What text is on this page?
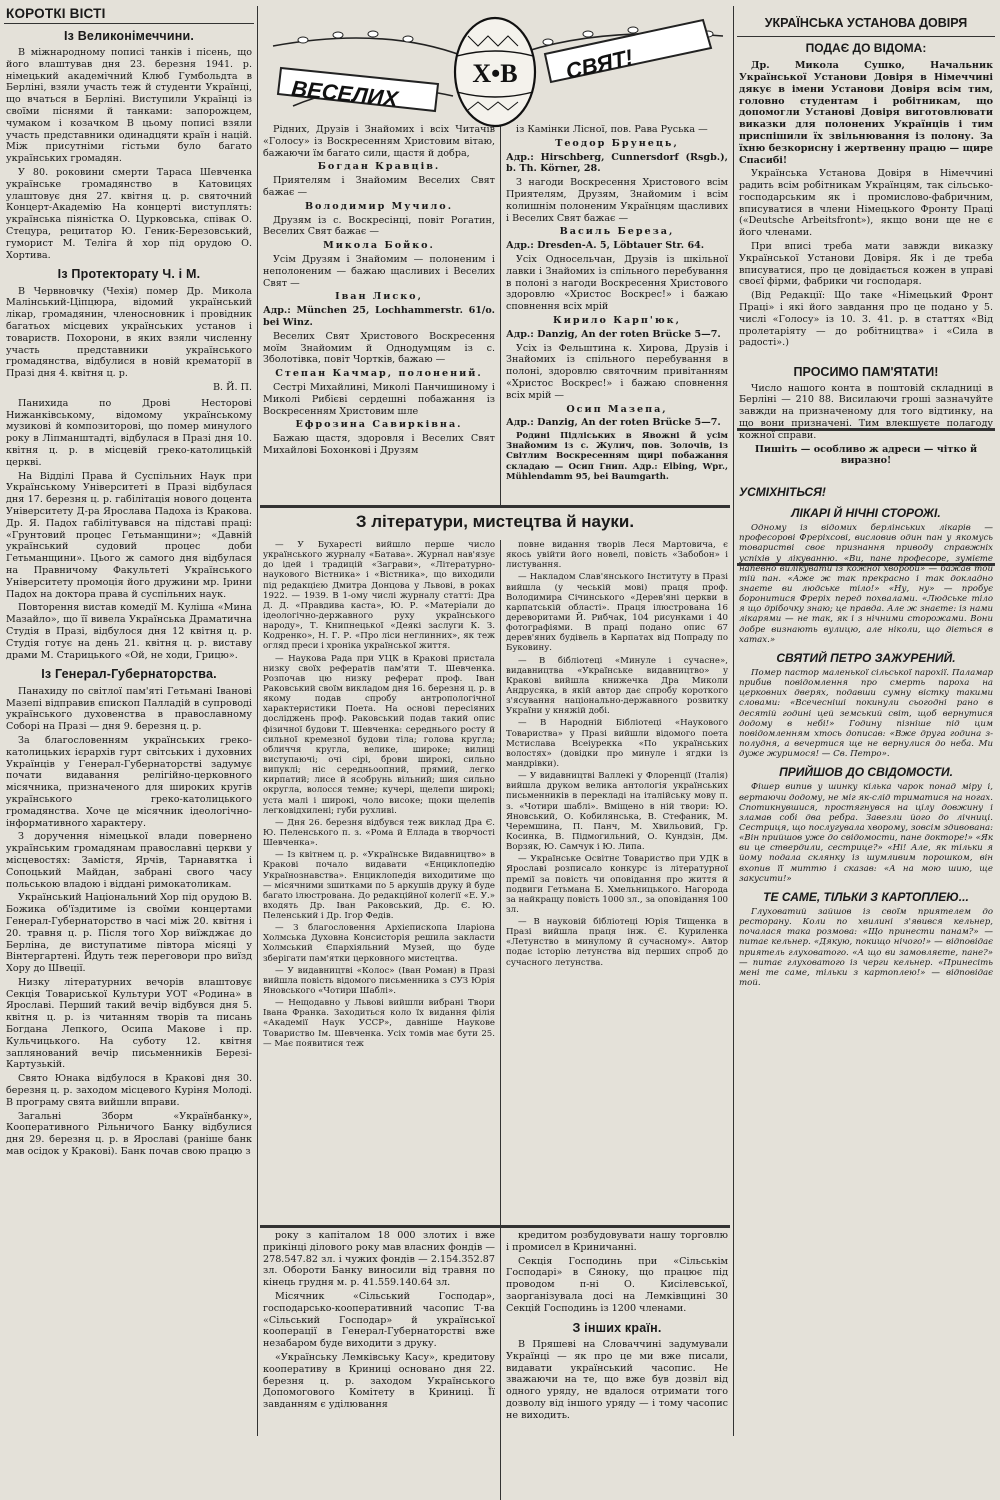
КОРОТКІ ВІСТІ
Із Великонімеччини.

В міжнародному пописі танків і пісень, що його влаштував дня 23. березня 1941. р. німецький академічний Клюб Гумбольдта в Берліні, взяли участь теж й студенти Українці, що вчаться в Берліні. Виступили Українці із своїми піснями й танками: запорожцем, чумаком і козачком В цьому пописі взяли участь представники одинадцяти країн і націй. Між присутніми гістьми було багато українських громадян.

У 80. роковини смерти Тараса Шевченка українське громадянство в Катовицях улаштовує дня 27. квітня ц. р. святочний Концерт-Академію На концерті виступлять: українська піяністка О. Цурковська, співак О. Стецура, рецитатор Ю. Геник-Березовський, гуморист М. Теліга й хор під орудою О. Хортива.

Із Протекторату Ч. і М.

В Червновчку (Чехія) помер Др. Микола Малінський-Ціпцюра, відомий український лікар, громадянин, членосновник і провідник багатьох місцевих українських установ і товариств. Похорони, в яких взяли численну участь представники українського громадянства, відбулися в новій крематорії в Празі дня 4. квітня ц. р.

В. Й. П.

Панихида по Дрові Несторові Нижанківському, відомому українському музикові й композиторові, що помер минулого року в Ліпманштадті, відбулася в Празі дня 10. квітня ц. р. в місцевій греко-католицькій церкві.

На Відділі Права й Суспільних Наук при Українському Університеті в Празі відбулася дня 17. березня ц. р. габілітація нового доцента Університету Д-ра Ярослава Падоха із Кракова. Др. Я. Падох габілітувався на підставі праці: «Грунтовий процес Гетьманщини»; «Давній український судовий процес доби Гетьманщини». Цього ж самого дня відбулася на Правничому Факультеті Українського Університету промоція його дружини мр. Ірини Падох на доктора права й суспільних наук.

Повторення вистав комедії М. Куліша «Мина Мазайло», що її вивела Українська Драматична Студія в Празі, відбулося дня 12 квітня ц. р. Студія готує на день 21. квітня ц. р. виставу драми М. Старицького «Ой, не ходи, Грицю».

Із Генерал-Губернаторства.

Панахиду по світлої пам'яті Гетьмані Іванові Мазепі відправив єпископ Палладій в супроводі українського духовенства в православному Соборі на Празі — дня 9. березня ц. р.

За благословенням українських греко-католицьких ієрархів гурт світських і духовних Українців у Генерал-Губернаторстві задумує почати видавання релігійно-церковного місячника, призначеного для широких кругів українського греко-католицького громадянства. Хоче це місячник ідеологічно-інформативного характеру.

З доручення німецької влади повернено українським громадянам православні церкви у місцевостях: Замістя, Ярчів, Тарнавятка і Сопоцький Майдан, забрані свого часу польською владою і віддані римокатоликам.

Український Національний Хор під орудою В. Божика об'їздитиме із своїми концертами Генерал-Губернаторство в часі між 20. квітня і 20. травня ц. р. Після того Хор виїжджає до Берліна, де виступатиме півтора місяці у Вінтергартені. Йдуть теж переговори про виїзд Хору до Швеції.

Низку літературних вечорів влаштовує Секція Товариської Культури УОТ «Родина» в Ярославі. Перший такий вечір відбувся дня 5. квітня ц. р. із читанням творів та писань Богдана Лепкого, Осипа Макове і пр. Кульчицького. На суботу 12. квітня заплянований вечір письменників Березі-Картузькій.

Свято Юнака відбулося в Кракові дня 30. березня ц. р. заходом місцевого Куріня Молоді. В програму свята вийшли вправи.

Загальні Зборм «Українбанку», Кооперативного Рільничого Банку відбулися дня 29. березня ц. р. в Ярославі (раніше банк мав осідок у Кракові). Банк почав свою працю з

ВЕСЕЛИХ
СВЯТ!
Х•В

Рідних, Друзів і Знайомих і всіх Читачів «Голосу» із Воскресенням Христовим вітаю, бажаючи їм багато сили, щастя й добра,

Богдан Кравців.

Приятелям і Знайомим Веселих Свят бажає —

Володимир Мучило.

Друзям із с. Воскресінці, повіт Рогатин, Веселих Свят бажає —

Микола Бойко.

Усім Друзям і Знайомим — полоненим і неполоненим — бажаю щасливих і Веселих Свят —

Іван Лиско,

Адр.: München 25, Lochhammerstr. 61/o. bei Winz.

Веселих Свят Христового Воскресення моїм Знайомим й Однодумцям із с. Зболотівка, повіт Чортків, бажаю —

Степан Качмар, полонений.

Сестрі Михайлині, Миколі Панчишиному і Миколі Рибієві сердешні побажання із Воскресенням Христовим шле

Ефрозина Савирківна.

Бажаю щастя, здоровля і Веселих Свят Михайлові Бохонкові і Друзям

із Камінки Лісної, пов. Рава Руська —

Теодор Брунець,

Адр.: Hirschberg, Cunnersdorf (Rsgb.), b. Th. Körner, 28.

З нагоди Воскресення Христового всім Приятелям, Друзям, Знайомим і всім колишнім полоненим Українцям щасливих і Веселих Свят бажає —

Василь Береза,

Адр.: Dresden-A. 5, Löbtauer Str. 64.

Усіх Односельчан, Друзів із шкільної лавки і Знайомих із спільного перебування в полоні з нагоди Воскресення Христового здоровлю «Христос Воскрес!» і бажаю сповнення всіх мрій

Кирило Карп'юк,

Адр.: Danzig, An der roten Brücke 5—7.

Усіх із Фельштина к. Хирова, Друзів і Знайомих із спільного перебування в полоні, здоровлю святочним привітанням «Христос Воскрес!» і бажаю сповнення всіх мрій —

Осип Мазепа,

Адр.: Danzig, An der roten Brücke 5—7.

Родині Підліських в Явожні й усім Знайомим із с. Жулич, пов. Золочів, із Світлим Воскресенням щирі побажання складаю — Осип Гнип. Адр.: Elbing, Wpr., Mühlendamm 95, bei Baumgarth.

З літератури, мистецтва й науки.

— У Бухаресті вийшло перше число українського журналу «Батава». Журнал нав'язує до ідей і традицій «Заграви», «Літературно-наукового Вістника» і «Вістника», що виходили під редакцією Дмитра Донцова у Львові, в роках 1922. — 1939. В 1-ому числі журналу статті: Дра Д. Д. «Правдива каста», Ю. Р. «Матеріали до ідеологічно-державного руху українського народу», Т. Книпнецької «Деякі заслуги К. З. Кодренко», Н. Г. Р. «Про ліси неглинних», як теж огляд преси і хроніка української життя.

— Наукова Рада при УЦК в Кракові пристала низку своїх рефератів пам'яти Т. Шевченка. Розпочав цю низку реферат проф. Іван Раковський своїм викладом дня 16. березня ц. р. в якому подав спробу антропологічної характеристики Поета. На основі пересіяних досліджень проф. Раковський подав такий опис фізичної будови Т. Шевченка: середнього росту й сильної кремезної будови тіла; голова кругла; обличчя кругла, велике, широке; вилиці виступаючі; очі сірі, брови широкі, сильно випуклі; ніс середньоопний, прямий, легко кирпатий; лисе й ясобрунь вільний; шия сильно округла, волосся темне; кучері, щелепи широкі; уста малі і широкі, чоло високе; щоки щелепів легковідхилені; губи рухливі.

— Дня 26. березня відбувся теж виклад Дра Є. Ю. Пеленського п. з. «Рома й Еллада в творчості Шевченка».

— Із квітнем ц. р. «Українське Видавництво» в Кракові почало видавати «Енциклопедію Українознавства». Енциклопедія виходитиме що — місячними зшитками по 5 аркушів друку й буде багато ілюстрована. До редакційної колегії «Е. У.» входять Др. Іван Раковський, Др. Є. Ю. Пеленський і Др. Ігор Федів.

— З благословення Архієпископа Іларіона Холмська Духовна Консисторія решила закласти Холмський Єпархіяльний Музей, що буде зберігати пам'ятки церковного мистецтва.

— У видавництві «Колос» (Іван Роман) в Празі вийшла повість відомого письменника з СУЗ Юрія Яновського «Чотири Шаблі».

— Нещодавно у Львові вийшли вибрані Твори Івана Франка. Заходиться коло їх видання філія «Академії Наук УССР», давніше Наукове Товариство Ім. Шевченка. Усіх томів має бути 25. — Має появитися теж

повне видання творів Леся Мартовича, є якось увійти його новелі, повість «Забобон» і листування.

— Накладом Слав'янського Інституту в Празі вийшла (у чеській мові) праця проф. Володимира Січинського «Дерев'яні церкви в карпатській області». Праця ілюстрована 16 дереворитами Й. Рибчак, 104 рисунками і 40 фотографіями. В праці подано опис 67 дерев'яних будівель в Карпатах від Попраду по Буковину.

— В бібліотеці «Минуле і сучасне», видавництва «Українське видавництво» у Кракові вийшла книжечка Дра Миколи Андрусяка, в якій автор дає спробу короткого з'ясування національно-державного розвитку України у княжій добі.

— В Народній Бібліотеці «Наукового Товариства» у Празі вийшли відомого поета Мстислава Всеіурекка «По українських волостях» (довідки про минуле і ягдки із мандрівки).

— У видавництві Валлекі у Флоренції (Італія) вийшла друком велика антологія українських письменників в перекладі на італійську мову п. з. «Чотири шаблі». Вміщено в ній твори: Ю. Яновський, О. Кобилянська, В. Стефаник, М. Черемшина, П. Панч, М. Хвильовий, Гр. Косинка, В. Підмогильний, О. Кундзін, Дм. Ворзяк, Ю. Самчук і Ю. Липа.

— Українське Освітнє Товариство при УДК в Ярославі розписало конкурс із літературної премії за повість чи оповідання про життя й подвиги Гетьмана Б. Хмельницького. Нагорода за найкращу повість 1000 зл., за оповідання 100 зл.

— В науковій бібліотеці Юрія Тищенка в Празі вийшла праця інж. Є. Куриленка «Летунство в минулому й сучасному». Автор подає історію летунства від перших спроб до сучасного летунства.

року з капіталом 18 000 злотих і вже прикінці ділового року мав власних фондів — 278.547.82 зл. і чужих фондів — 2.154.352.87 зл. Обороти Банку виносили від травня по кінець грудня м. р. 41.559.140.64 зл.

Місячник «Сільський Господар», господарсько-кооперативний часопис Т-ва «Сільський Господар» й української кооперації в Генерал-Губернаторстві вже незабаром буде виходити з друку.

«Українську Лемківську Касу», кредитову кооперативу в Криниці основано дня 22. березня ц. р. заходом Українського Допомогового Комітету в Криниці. Її завданням є уділювання

кредитом розбудовувати нашу торговлю і промисел в Криничанні.

Секція Господинь при «Сільськім Господарі» в Сяноку, що працює під проводом п-ні О. Кисілевської, заорганізувала досі на Лемківщині 30 Секцій Господинь із 1200 членами.

З інших країн.

В Пряшеві на Словаччині задумували Українці — як про це ми вже писали, видавати український часопис. Не зважаючи на те, що вже був дозвіл від одного уряду, не вдалося отримати того дозволу від іншого уряду — і тому часопис не виходить.

УКРАЇНСЬКА УСТАНОВА ДОВІРЯ
ПОДАЄ ДО ВІДОМА:

Др. Микола Сушко, Начальник Української Установи Довіря в Німеччині дякує в імени Установи Довіря всім тим, головно студентам і робітникам, що допомогли Установі Довіря виготовлювати виказки для полонених Українців і тим приспішили їх звільнювання із полону. За їхню безкорисну і жертвенну працю — щире Спасибі!

Українська Установа Довіря в Німеччині радить всім робітникам Українцям, так сільсько-господарським як і промислово-фабричним, вписуватися в члени Німецького Фронту Праці («Deutsche Arbeitsfront»), якщо вони ще не є його членами.

При вписі треба мати завжди виказку Української Установи Довіря. Як і де треба вписуватися, про це довідається кожен в управі своєї фірми, фабрики чи господаря.

(Від Редакції: Що таке «Німецький Фронт Праці» і які його завдання про це подано у 5. числі «Голосу» із 10. 3. 41. р. в статтях «Від пролетаріяту — до робітництва» і «Сила в радості».)

ПРОСИМО ПАМ'ЯТАТИ!

Число нашого конта в поштовій складниці в Берліні — 210 88. Висилаючи гроші зазначуйте завжди на призначеному для того відтинку, на що вони призначені. Тим влекшуєте полагоду кожної справи.

Пишіть — особливо ж адреси — чітко й виразно!

УСМІХНІТЬСЯ!
ЛІКАРІ Й НІЧНІ СТОРОЖІ.

Одному із відомих берлінських лікарів — професорові Фреріхсові, висловив один пан у якомусь товаристві своє признання приводу справжніх успіхів у лікуванню. «Ви, пане професоре, зумієте напевно вилікувати із кожної хвороби» — бажав той тій пан. «Аже ж так прекрасно і так докладно знаєте ви людське тіло!» «Ну, ну» — пробує боронитися Фреріх перед похвалами. «Людське тіло я що дрібочку знаю; це правда. Але ж знаєте: із нами лікарями — не так, як і з нічними сторожами. Вони добре визнають вулицю, але ніколи, що діється в хатах.»

СВЯТИЙ ПЕТРО ЗАЖУРЕНИЙ.

Помер пастор маленької сільської парохії. Паламар прибив повідомлення про смерть пароха на церковних дверях, подавши сумну вістку такими словами: «Всечесніші покинули сьогодні рано в десятій годині цей земський світ, щоб вернутися додому в небі!» Годину пізніше під цим повідомленням хтось дописав: «Вже друга година з-полудня, а вечертися ще не вернулися до неба. Ми дуже журимося! — Св. Петро».

ПРИЙШОВ ДО СВІДОМОСТИ.

Фішер випив у шинку кілька чарок понад міру і, вертаючи додому, не міг як-слід триматися на ногах. Спотикнувшися, простягнувся на цілу довжину і зламав собі два ребра. Завезли його до лічниці. Сестриця, що послугувала хворому, зовсім здивована: «Він прийшов уже до свідомости, пане докторе!» «Як ви це ствердили, сестрице?» «Ні! Але, як тільки я йому подала склянку із шумливим порошком, він вхопив її миттю і сказав: «А на мою шию, ще закусити!»

ТЕ САМЕ, ТІЛЬКИ З КАРТОПЛЕЮ...

Глуховатий зайшов із своїм приятелем до ресторану. Коли по хвилині з'явився кельнер, почалася така розмова: «Що принести панам?» — питає кельнер. «Дякую, покищо нічого!» — відповідає приятель глуховатого. «А що ви замовляєте, пане?» — питає глуховатого із черги кельнер. «Принесіть мені те саме, тільки з картоплею!» — відповідає той.
